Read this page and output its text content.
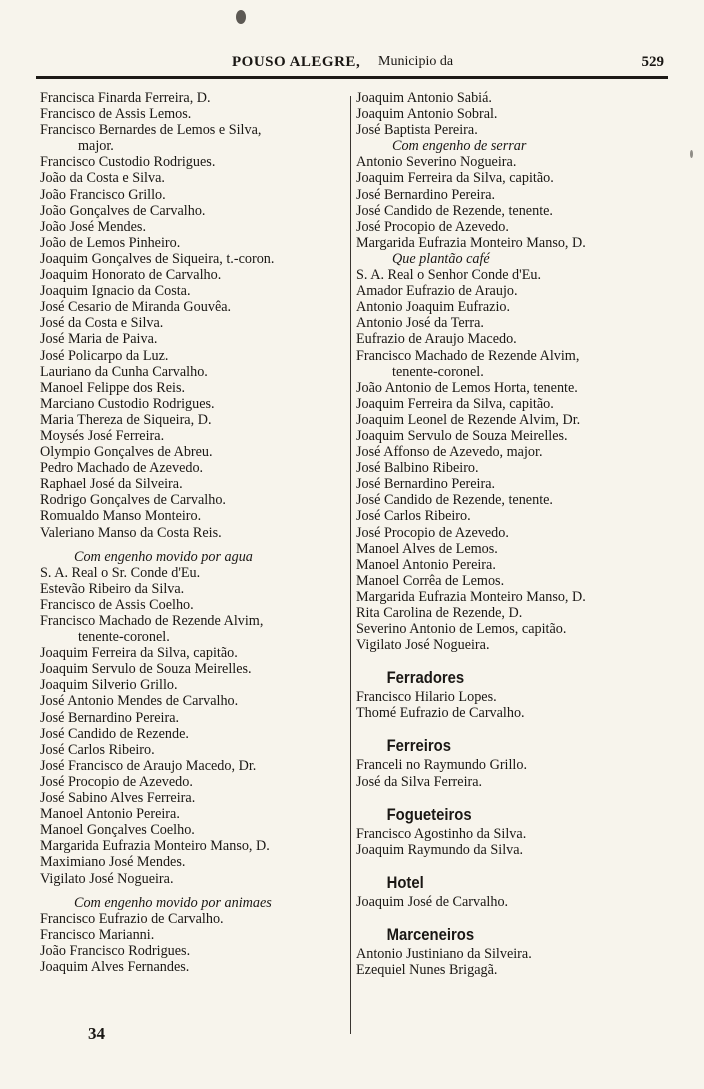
POUSO ALEGRE, Municipio da	529
Francisca Finarda Ferreira, D.
Francisco de Assis Lemos.
Francisco Bernardes de Lemos e Silva,
major.
Francisco Custodio Rodrigues.
João da Costa e Silva.
João Francisco Grillo.
João Gonçalves de Carvalho.
João José Mendes.
João de Lemos Pinheiro.
Joaquim Gonçalves de Siqueira, t.-coron.
Joaquim Honorato de Carvalho.
Joaquim Ignacio da Costa.
José Cesario de Miranda Gouvêa.
José da Costa e Silva.
José Maria de Paiva.
José Policarpo da Luz.
Lauriano da Cunha Carvalho.
Manoel Felippe dos Reis.
Marciano Custodio Rodrigues.
Maria Thereza de Siqueira, D.
Moysés José Ferreira.
Olympio Gonçalves de Abreu.
Pedro Machado de Azevedo.
Raphael José da Silveira.
Rodrigo Gonçalves de Carvalho.
Romualdo Manso Monteiro.
Valeriano Manso da Costa Reis.
Com engenho movido por agua
S. A. Real o Sr. Conde d'Eu.
Estevão Ribeiro da Silva.
Francisco de Assis Coelho.
Francisco Machado de Rezende Alvim,
tenente-coronel.
Joaquim Ferreira da Silva, capitão.
Joaquim Servulo de Souza Meirelles.
Joaquim Silverio Grillo.
José Antonio Mendes de Carvalho.
José Bernardino Pereira.
José Candido de Rezende.
José Carlos Ribeiro.
José Francisco de Araujo Macedo, Dr.
José Procopio de Azevedo.
José Sabino Alves Ferreira.
Manoel Antonio Pereira.
Manoel Gonçalves Coelho.
Margarida Eufrazia Monteiro Manso, D.
Maximiano José Mendes.
Vigilato José Nogueira.
Com engenho movido por animaes
Francisco Eufrazio de Carvalho.
Francisco Marianni.
João Francisco Rodrigues.
Joaquim Alves Fernandes.
Joaquim Antonio Sabiá.
Joaquim Antonio Sobral.
José Baptista Pereira.
Com engenho de serrar
Antonio Severino Nogueira.
Joaquim Ferreira da Silva, capitão.
José Bernardino Pereira.
José Candido de Rezende, tenente.
José Procopio de Azevedo.
Margarida Eufrazia Monteiro Manso, D.
Que plantão café
S. A. Real o Senhor Conde d'Eu.
Amador Eufrazio de Araujo.
Antonio Joaquim Eufrazio.
Antonio José da Terra.
Eufrazio de Araujo Macedo.
Francisco Machado de Rezende Alvim,
tenente-coronel.
João Antonio de Lemos Horta, tenente.
Joaquim Ferreira da Silva, capitão.
Joaquim Leonel de Rezende Alvim, Dr.
Joaquim Servulo de Souza Meirelles.
José Affonso de Azevedo, major.
José Balbino Ribeiro.
José Bernardino Pereira.
José Candido de Rezende, tenente.
José Carlos Ribeiro.
José Procopio de Azevedo.
Manoel Alves de Lemos.
Manoel Antonio Pereira.
Manoel Corrêa de Lemos.
Margarida Eufrazia Monteiro Manso, D.
Rita Carolina de Rezende, D.
Severino Antonio de Lemos, capitão.
Vigilato José Nogueira.
Ferradores
Francisco Hilario Lopes.
Thomé Eufrazio de Carvalho.
Ferreiros
Franceli no Raymundo Grillo.
José da Silva Ferreira.
Fogueteiros
Francisco Agostinho da Silva.
Joaquim Raymundo da Silva.
Hotel
Joaquim José de Carvalho.
Marceneiros
Antonio Justiniano da Silveira.
Ezequiel Nunes Brigagã.
34
